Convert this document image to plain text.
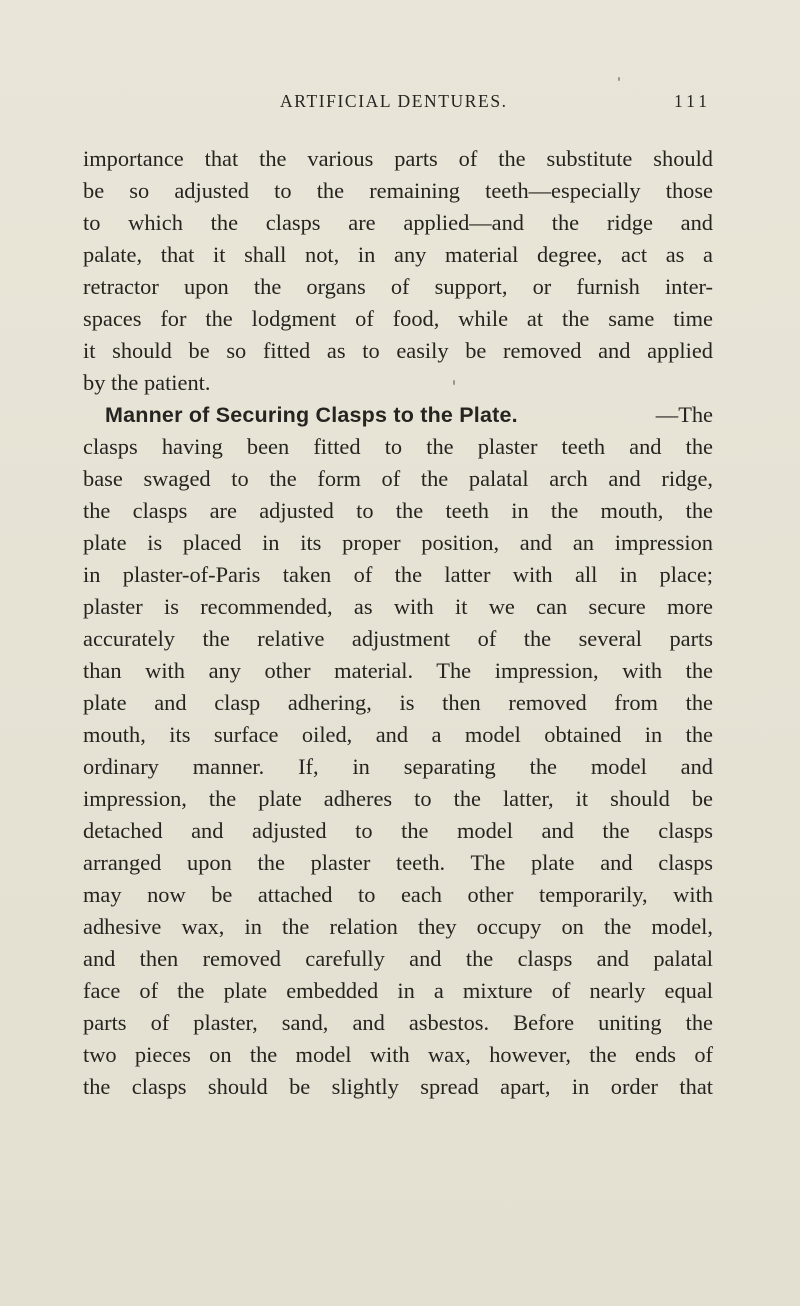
ARTIFICIAL DENTURES.	111
importance that the various parts of the substitute should
be so adjusted to the remaining teeth—especially those
to which the clasps are applied—and the ridge and
palate, that it shall not, in any material degree, act as a
retractor upon the organs of support, or furnish inter-
spaces for the lodgment of food, while at the same time
it should be so fitted as to easily be removed and applied
by the patient.
Manner of Securing Clasps to the Plate.	—The
clasps having been fitted to the plaster teeth and the
base swaged to the form of the palatal arch and ridge,
the clasps are adjusted to the teeth in the mouth, the
plate is placed in its proper position, and an impression
in plaster-of-Paris taken of the latter with all in place;
plaster is recommended, as with it we can secure more
accurately the relative adjustment of the several parts
than with any other material. The impression, with the
plate and clasp adhering, is then removed from the
mouth, its surface oiled, and a model obtained in the
ordinary manner. If, in separating the model and
impression, the plate adheres to the latter, it should be
detached and adjusted to the model and the clasps
arranged upon the plaster teeth. The plate and clasps
may now be attached to each other temporarily, with
adhesive wax, in the relation they occupy on the model,
and then removed carefully and the clasps and palatal
face of the plate embedded in a mixture of nearly equal
parts of plaster, sand, and asbestos. Before uniting the
two pieces on the model with wax, however, the ends of
the clasps should be slightly spread apart, in order that
